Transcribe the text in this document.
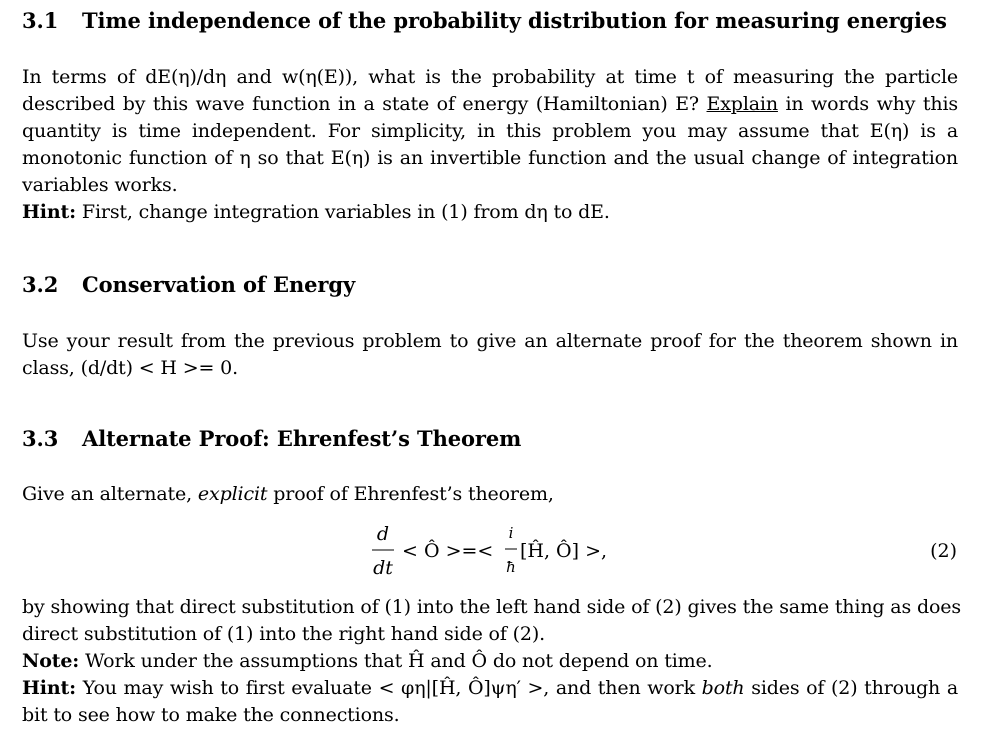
3.1 Time independence of the probability distribution for measuring energies
In terms of dE(η)/dη and w(η(E)), what is the probability at time t of measuring the particle
described by this wave function in a state of energy (Hamiltonian) E? Explain in words why this
quantity is time independent. For simplicity, in this problem you may assume that E(η) is a
monotonic function of η so that E(η) is an invertible function and the usual change of integration
variables works.
Hint: First, change integration variables in (1) from dη to dE.
3.2 Conservation of Energy
Use your result from the previous problem to give an alternate proof for the theorem shown in
class, (d/dt) < H >= 0.
3.3 Alternate Proof: Ehrenfest’s Theorem
Give an alternate, explicit proof of Ehrenfest’s theorem,
d
dt
< Ô >=<
i
ħ
[Ĥ, Ô] >,	(2)
by showing that direct substitution of (1) into the left hand side of (2) gives the same thing as does
direct substitution of (1) into the right hand side of (2).
Note: Work under the assumptions that Ĥ and Ô do not depend on time.
Hint: You may wish to first evaluate < φη|[Ĥ, Ô]ψη′ >, and then work both sides of (2) through a
bit to see how to make the connections.
